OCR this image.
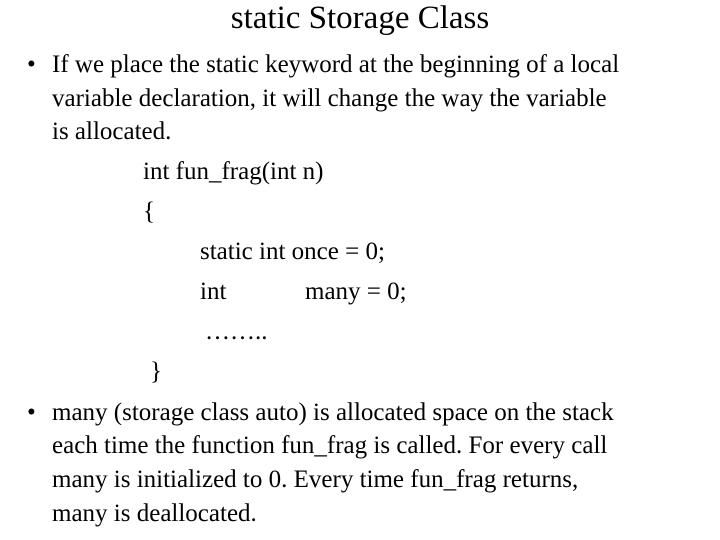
static Storage Class
• If we place the static keyword at the beginning of a local
variable declaration, it will change the way the variable
is allocated.
int fun_frag(int n)
{
static int once = 0;
int	many = 0;
……..
}
• many (storage class auto) is allocated space on the stack
each time the function fun_frag is called. For every call
many is initialized to 0. Every time fun_frag returns,
many is deallocated.
